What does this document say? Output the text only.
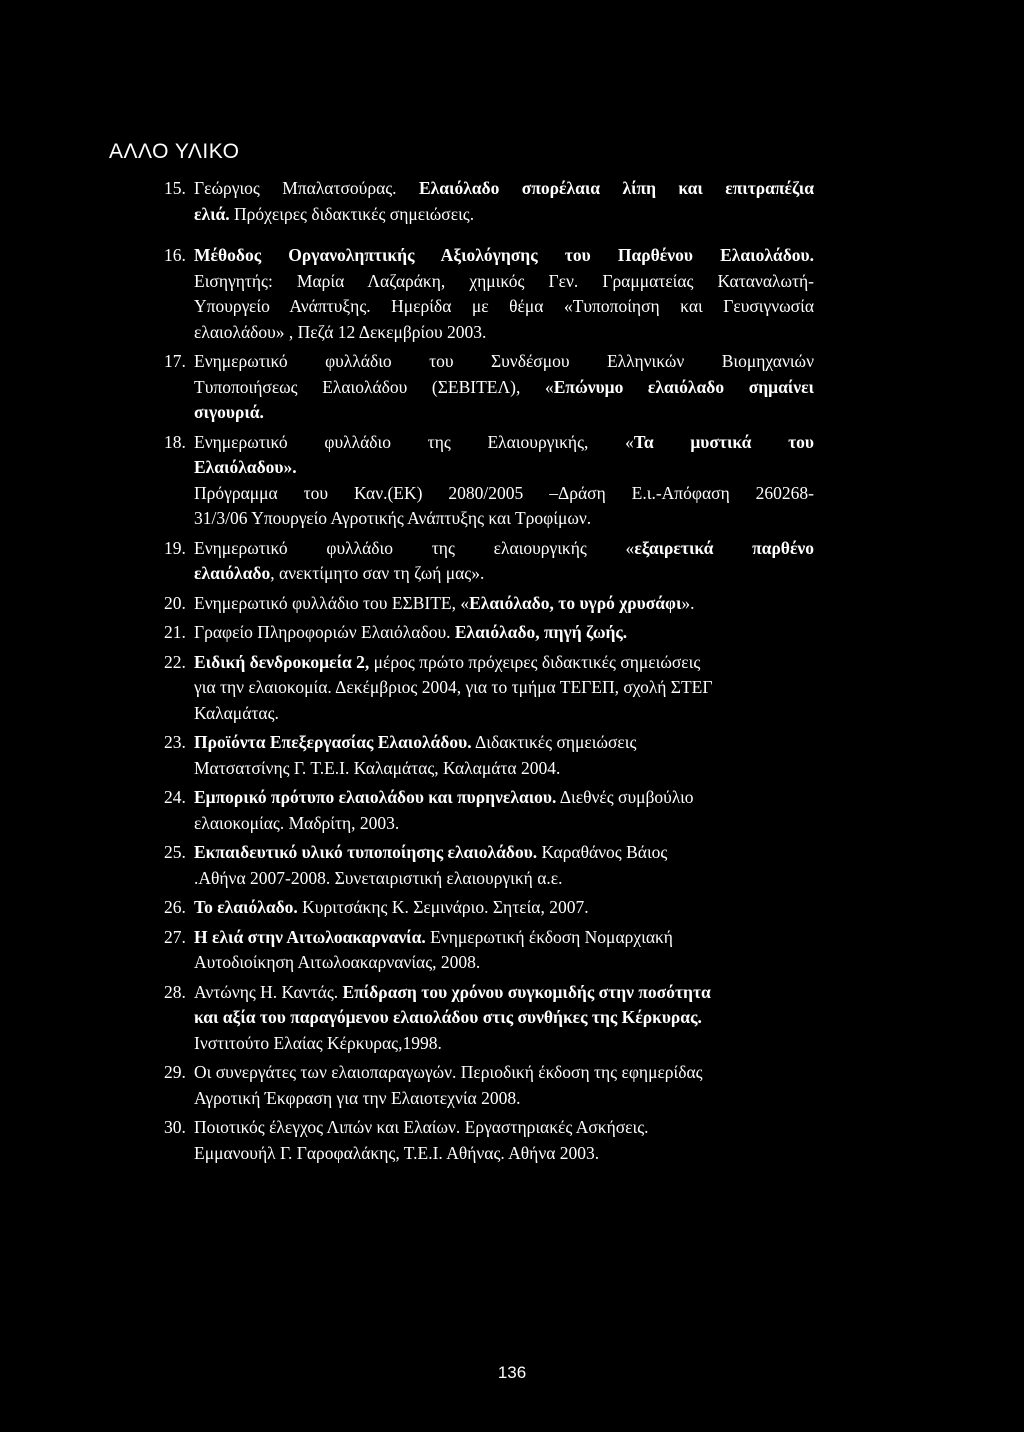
ΑΛΛΟ ΥΛΙΚΟ
15. Γεώργιος Μπαλατσούρας. Ελαιόλαδο σπορέλαια λίπη και επιτραπέζια
ελιά. Πρόχειρες διδακτικές σημειώσεις.
16. Μέθοδος Οργανοληπτικής Αξιολόγησης του Παρθένου Ελαιολάδου.
Εισηγητής: Μαρία Λαζαράκη, χημικός Γεν. Γραμματείας Καταναλωτή-
Υπουργείο Ανάπτυξης. Ημερίδα με θέμα «Τυποποίηση και Γευσιγνωσία
ελαιολάδου» , Πεζά 12 Δεκεμβρίου 2003.
17. Ενημερωτικό φυλλάδιο του Συνδέσμου Ελληνικών Βιομηχανιών
Τυποποιήσεως Ελαιολάδου (ΣΕΒΙΤΕΛ), «Επώνυμο ελαιόλαδο σημαίνει
σιγουριά.
18. Ενημερωτικό φυλλάδιο της Ελαιουργικής, «Τα μυστικά του
Ελαιόλαδου».
Πρόγραμμα του Καν.(ΕΚ) 2080/2005 –Δράση Ε.ι.-Απόφαση 260268-
31/3/06 Υπουργείο Αγροτικής Ανάπτυξης και Τροφίμων.
19. Ενημερωτικό φυλλάδιο της ελαιουργικής «εξαιρετικά παρθένο
ελαιόλαδο, ανεκτίμητο σαν τη ζωή μας».
20. Ενημερωτικό φυλλάδιο του ΕΣΒΙΤΕ, «Ελαιόλαδο, το υγρό χρυσάφι».
21. Γραφείο Πληροφοριών Ελαιόλαδου. Ελαιόλαδο, πηγή ζωής.
22. Ειδική δενδροκομεία 2, μέρος πρώτο πρόχειρες διδακτικές σημειώσεις
για την ελαιοκομία. Δεκέμβριος 2004, για το τμήμα ΤΕΓΕΠ, σχολή ΣΤΕΓ
Καλαμάτας.
23. Προϊόντα Επεξεργασίας Ελαιολάδου. Διδακτικές σημειώσεις
Ματσατσίνης Γ. Τ.Ε.Ι. Καλαμάτας, Καλαμάτα 2004.
24. Εμπορικό πρότυπο ελαιολάδου και πυρηνελαιου. Διεθνές συμβούλιο
ελαιοκομίας. Μαδρίτη, 2003.
25. Εκπαιδευτικό υλικό τυποποίησης ελαιολάδου. Καραθάνος Βάιος
.Αθήνα 2007-2008. Συνεταιριστική ελαιουργική α.ε.
26. Το ελαιόλαδο. Κυριτσάκης Κ. Σεμινάριο. Σητεία, 2007.
27. Η ελιά στην Αιτωλοακαρνανία. Ενημερωτική έκδοση Νομαρχιακή
Αυτοδιοίκηση Αιτωλοακαρνανίας, 2008.
28. Αντώνης Η. Καντάς. Επίδραση του χρόνου συγκομιδής στην ποσότητα
και αξία του παραγόμενου ελαιολάδου στις συνθήκες της Κέρκυρας.
Ινστιτούτο Ελαίας Κέρκυρας,1998.
29. Οι συνεργάτες των ελαιοπαραγωγών. Περιοδική έκδοση της εφημερίδας
Αγροτική Έκφραση για την Ελαιοτεχνία 2008.
30. Ποιοτικός έλεγχος Λιπών και Ελαίων. Εργαστηριακές Ασκήσεις.
Εμμανουήλ Γ. Γαροφαλάκης, Τ.Ε.Ι. Αθήνας. Αθήνα 2003.
136
